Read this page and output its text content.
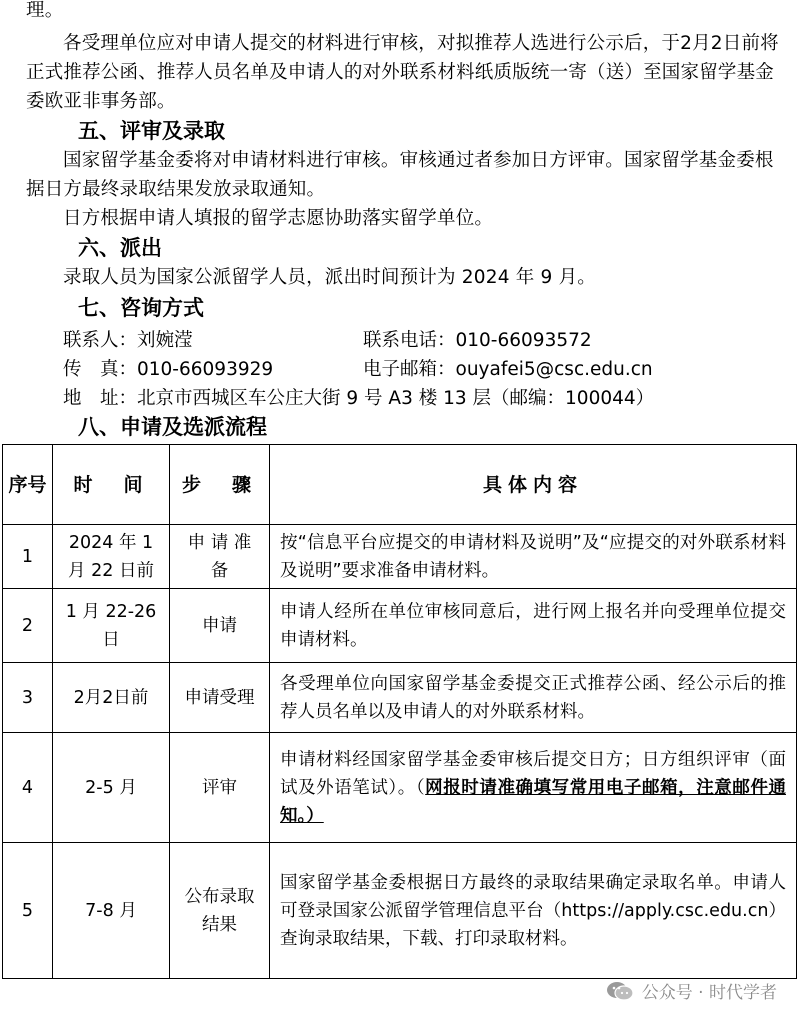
理。
各受理单位应对申请人提交的材料进行审核，对拟推荐人选进行公示后，于2月2日前将正式推荐公函、推荐人员名单及申请人的对外联系材料纸质版统一寄（送）至国家留学基金委欧亚非事务部。
五、评审及录取
国家留学基金委将对申请材料进行审核。审核通过者参加日方评审。国家留学基金委根据日方最终录取结果发放录取通知。
日方根据申请人填报的留学志愿协助落实留学单位。
六、派出
录取人员为国家公派留学人员，派出时间预计为 2024 年 9 月。
七、咨询方式
联系人：刘婉滢	联系电话：010-66093572
传　真：010-66093929	电子邮箱：ouyafei5@csc.edu.cn
地　址：北京市西城区车公庄大街 9 号 A3 楼 13 层（邮编：100044）
八、申请及选派流程
序号	时　间	步　骤	具体内容
1	2024 年 1 月 22 日前	申 请 准 备	按“信息平台应提交的申请材料及说明”及“应提交的对外联系材料及说明”要求准备申请材料。
2	1 月 22-26 日	申请	申请人经所在单位审核同意后，进行网上报名并向受理单位提交申请材料。
3	2月2日前	申请受理	各受理单位向国家留学基金委提交正式推荐公函、经公示后的推荐人员名单以及申请人的对外联系材料。
4	2-5 月	评审	申请材料经国家留学基金委审核后提交日方；日方组织评审（面试及外语笔试）。（网报时请准确填写常用电子邮箱，注意邮件通知。）
5	7-8 月	公布录取结果	国家留学基金委根据日方最终的录取结果确定录取名单。申请人可登录国家公派留学管理信息平台（https://apply.csc.edu.cn）查询录取结果，下载、打印录取材料。
公众号 · 时代学者
